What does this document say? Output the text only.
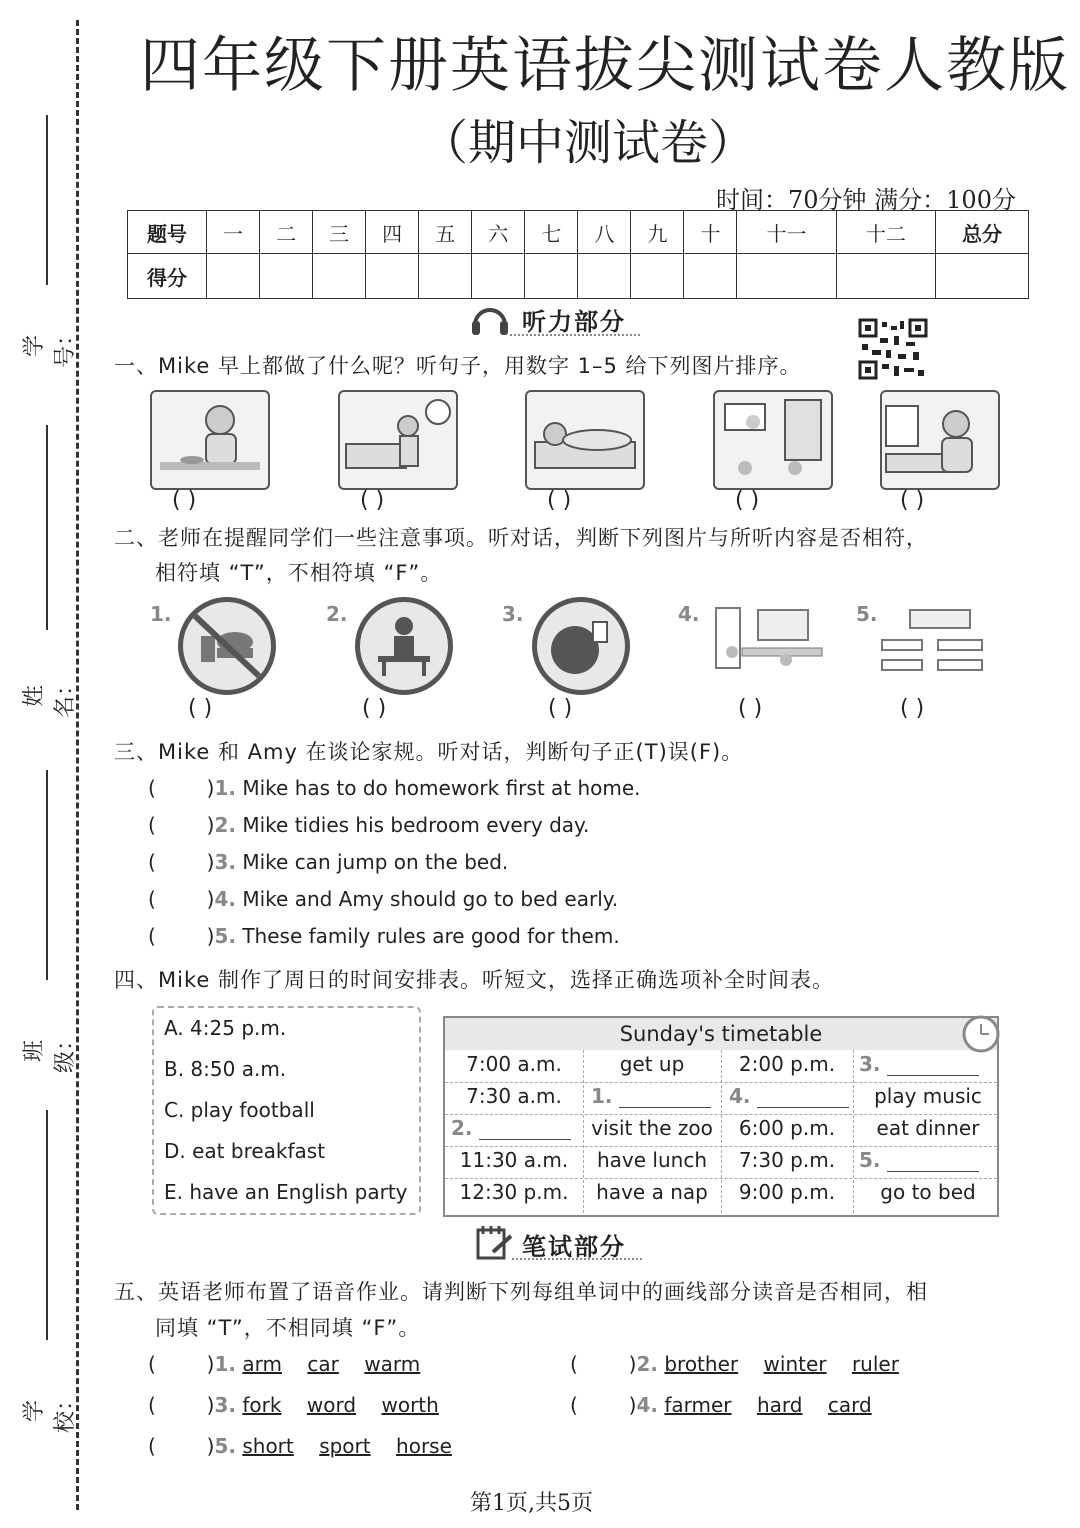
学号：
姓名：
班级：
学校：
四年级下册英语拔尖测试卷人教版
（期中测试卷）
时间：70分钟 满分：100分
题号	一	二	三	四	五	六	七	八	九	十	十一	十二	总分
得分													
听力部分
一、Mike 早上都做了什么呢？听句子，用数字 1–5 给下列图片排序。
( )	( )	( )	( )	( )
二、老师在提醒同学们一些注意事项。听对话，判断下列图片与所听内容是否相符，
相符填 “T”，不相符填 “F”。
1.	2.	3.	4.	5.
( )	( )	( )	( )	( )
三、Mike 和 Amy 在谈论家规。听对话，判断句子正(T)误(F)。
(        )1. Mike has to do homework first at home.
(        )2. Mike tidies his bedroom every day.
(        )3. Mike can jump on the bed.
(        )4. Mike and Amy should go to bed early.
(        )5. These family rules are good for them.
四、Mike 制作了周日的时间安排表。听短文，选择正确选项补全时间表。
A. 4:25 p.m.
B. 8:50 a.m.
C. play football
D. eat breakfast
E. have an English party
Sunday's timetable
7:00 a.m.	get up	2:00 p.m.	3.
7:30 a.m.	1.	4.	play music
2.	visit the zoo	6:00 p.m.	eat dinner
11:30 a.m.	have lunch	7:30 p.m.	5.
12:30 p.m.	have a nap	9:00 p.m.	go to bed
笔试部分
五、英语老师布置了语音作业。请判断下列每组单词中的画线部分读音是否相同，相
同填 “T”，不相同填 “F”。
(        )1. arm car warm	(        )2. brother winter ruler
(        )3. fork word worth	(        )4. farmer hard card
(        )5. short sport horse
第1页,共5页
